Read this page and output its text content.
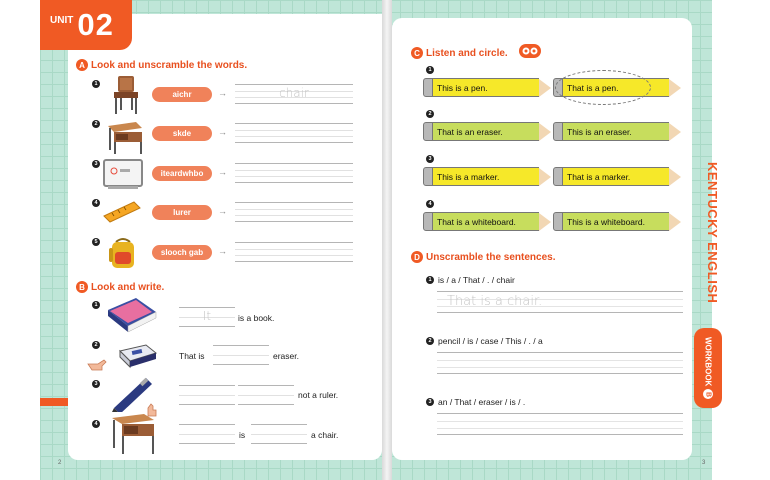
UNIT 02
A Look and unscramble the words.
1
aichr	→	chair
2
skde	→
3
iteardwhbo	→
4
lurer	→
5
slooch gab	→
B Look and write.
1
It	is a book.
2
That is	eraser.
3
not a ruler.
4
is	a chair.
2
C Listen and circle.
1
This is a pen.	That is a pen.
2
That is an eraser.	This is an eraser.
3
This is a marker.	That is a marker.
4
That is a whiteboard.	This is a whiteboard.
D Unscramble the sentences.
1 is / a / That / . / chair
That is a chair.
2 pencil / is / case / This / . / a
3 an / That / eraser / is / .
3
KENTUCKY ENGLISH
WORKBOOK
B
